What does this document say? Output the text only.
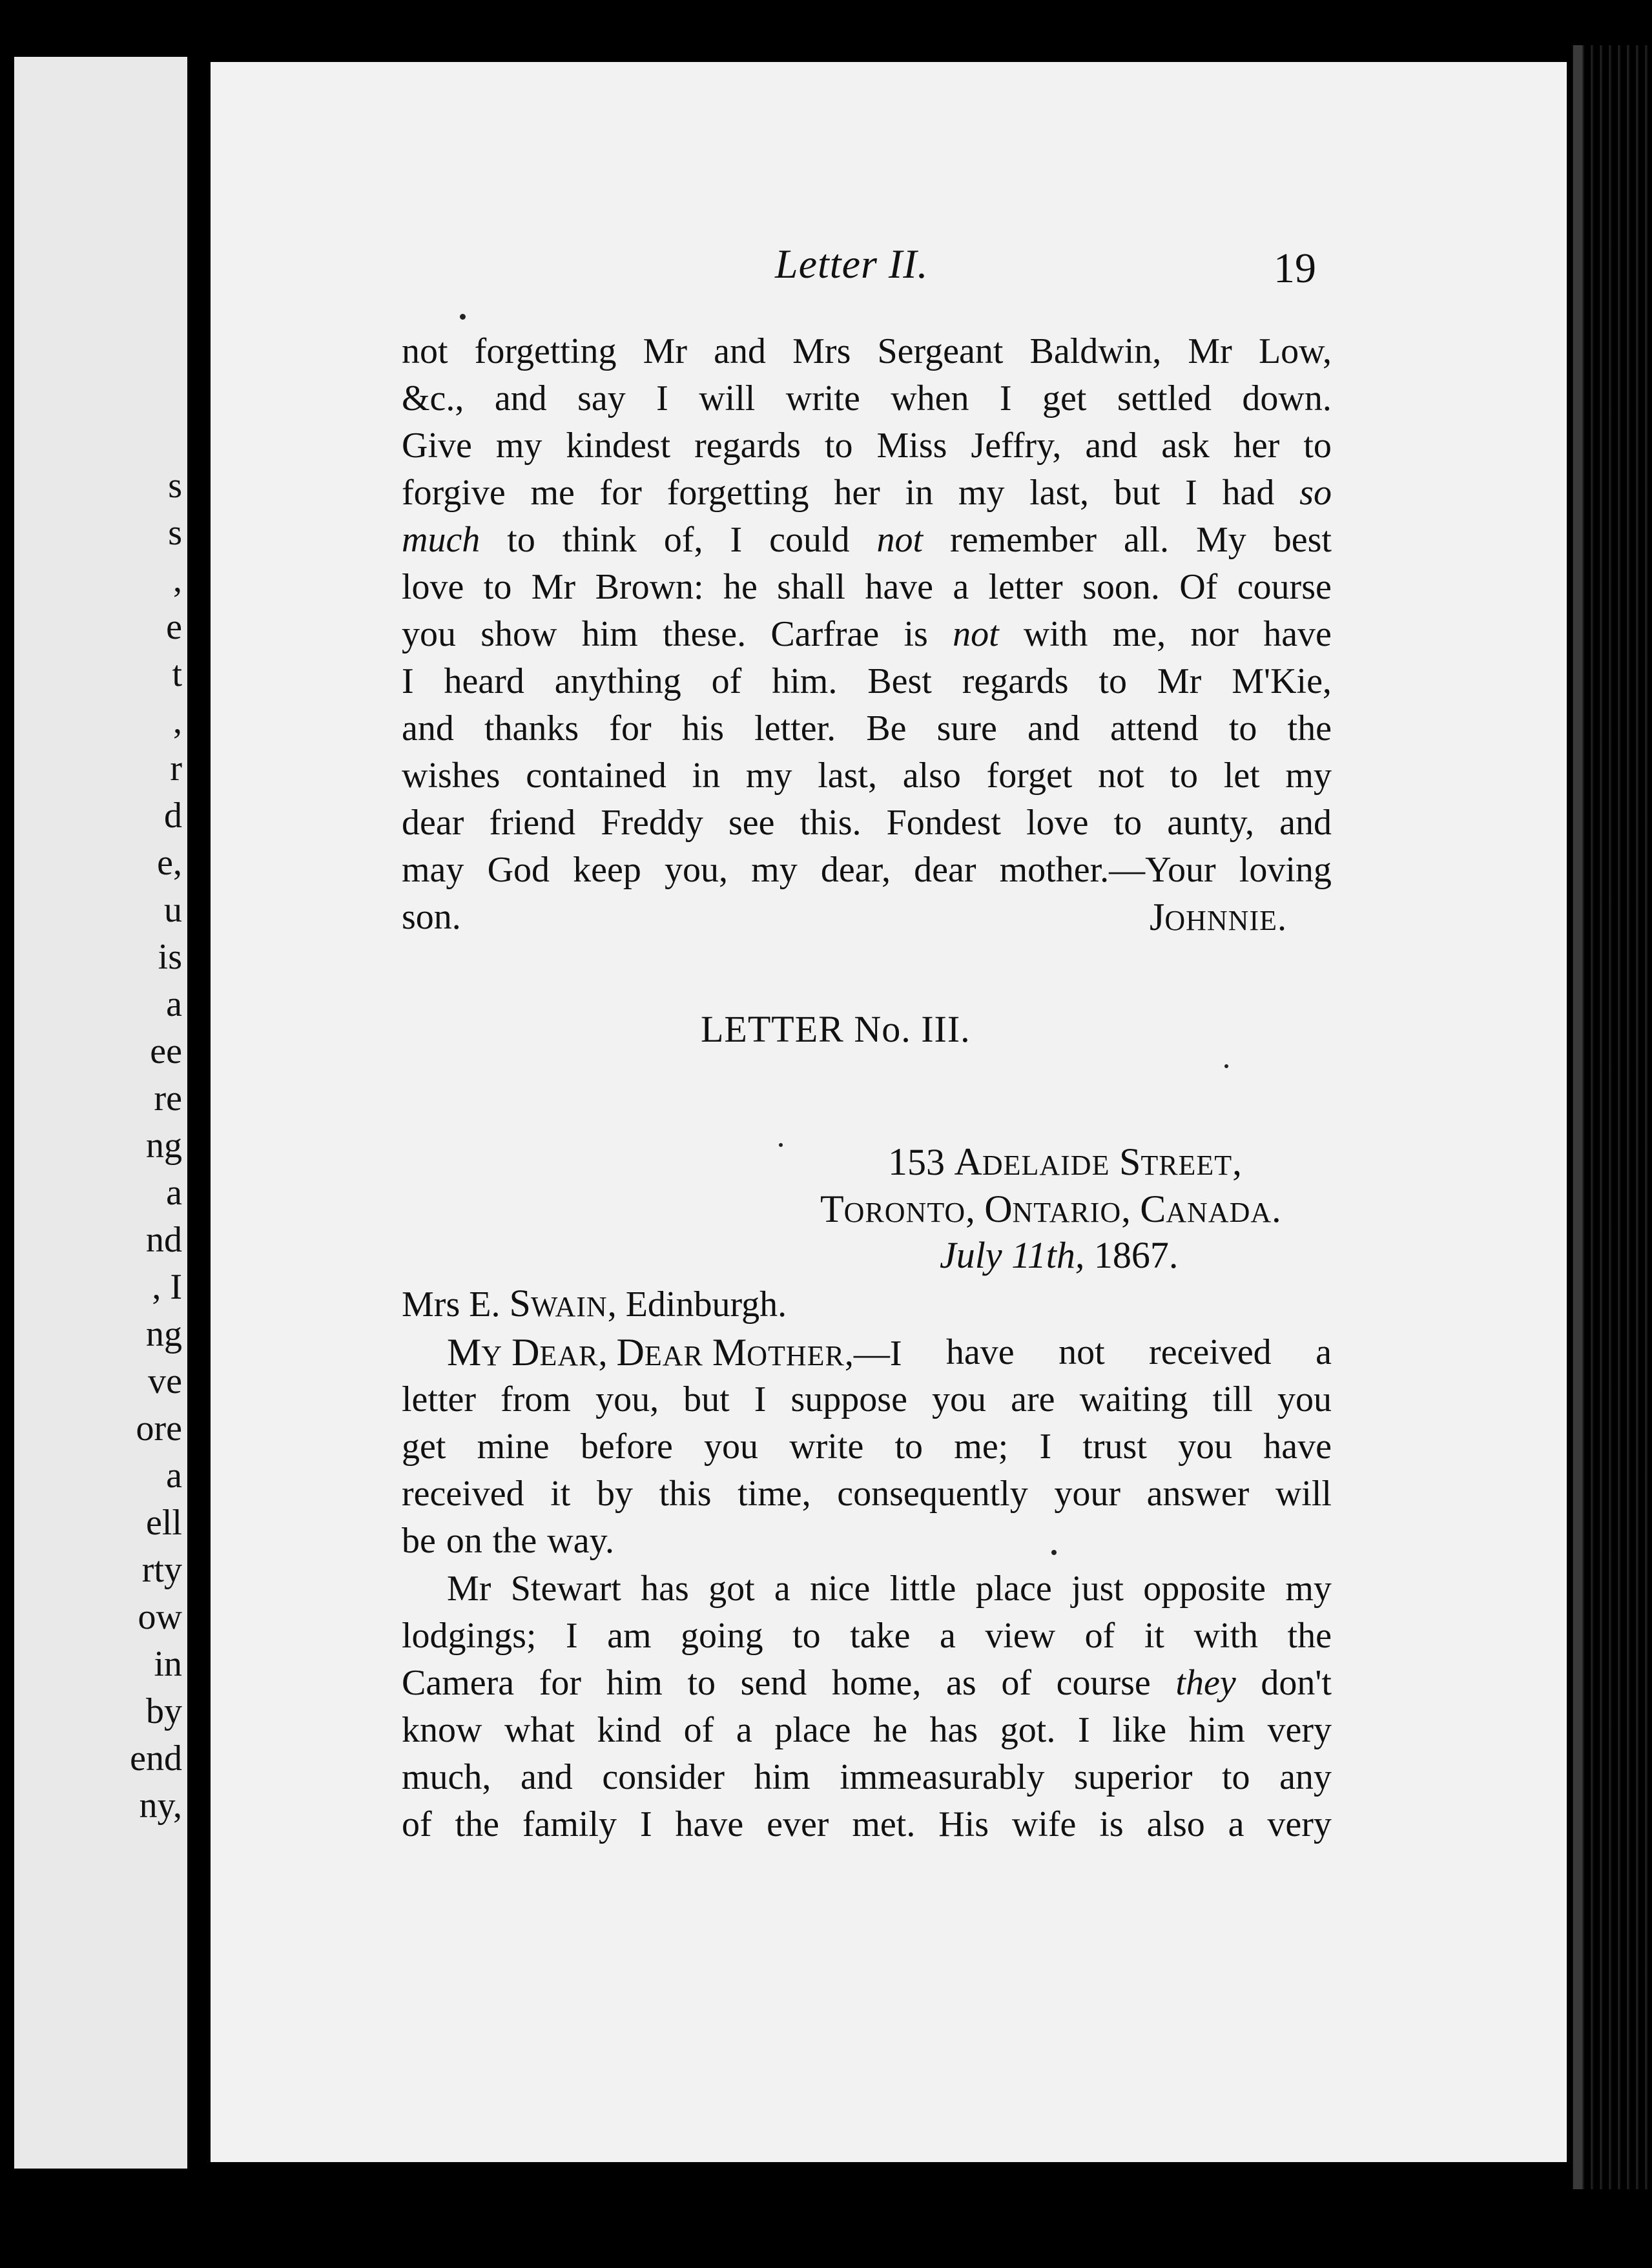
s
s
,
e
t
,
r
d
e,
u
is
a
ee
re
ng
a
nd
, I
ng
ve
ore
a
ell
rty
ow
in
by
end
ny,
Letter II.	19
not forgetting Mr and Mrs Sergeant Baldwin, Mr Low,
&c., and say I will write when I get settled down.
Give my kindest regards to Miss Jeffry, and ask her to
forgive me for forgetting her in my last, but I had so
much to think of, I could not remember all. My best
love to Mr Brown: he shall have a letter soon. Of course
you show him these. Carfrae is not with me, nor have
I heard anything of him. Best regards to Mr M'Kie,
and thanks for his letter. Be sure and attend to the
wishes contained in my last, also forget not to let my
dear friend Freddy see this. Fondest love to aunty, and
may God keep you, my dear, dear mother.—Your loving
son.	JOHNNIE.
LETTER No. III.
153 ADELAIDE STREET,
TORONTO, ONTARIO, CANADA.
July 11th, 1867.
Mrs E. SWAIN, Edinburgh.
MY DEAR, DEAR MOTHER,—I have not received a
letter from you, but I suppose you are waiting till you
get mine before you write to me; I trust you have
received it by this time, consequently your answer will
be on the way.
Mr Stewart has got a nice little place just opposite my
lodgings; I am going to take a view of it with the
Camera for him to send home, as of course they don't
know what kind of a place he has got. I like him very
much, and consider him immeasurably superior to any
of the family I have ever met. His wife is also a very
